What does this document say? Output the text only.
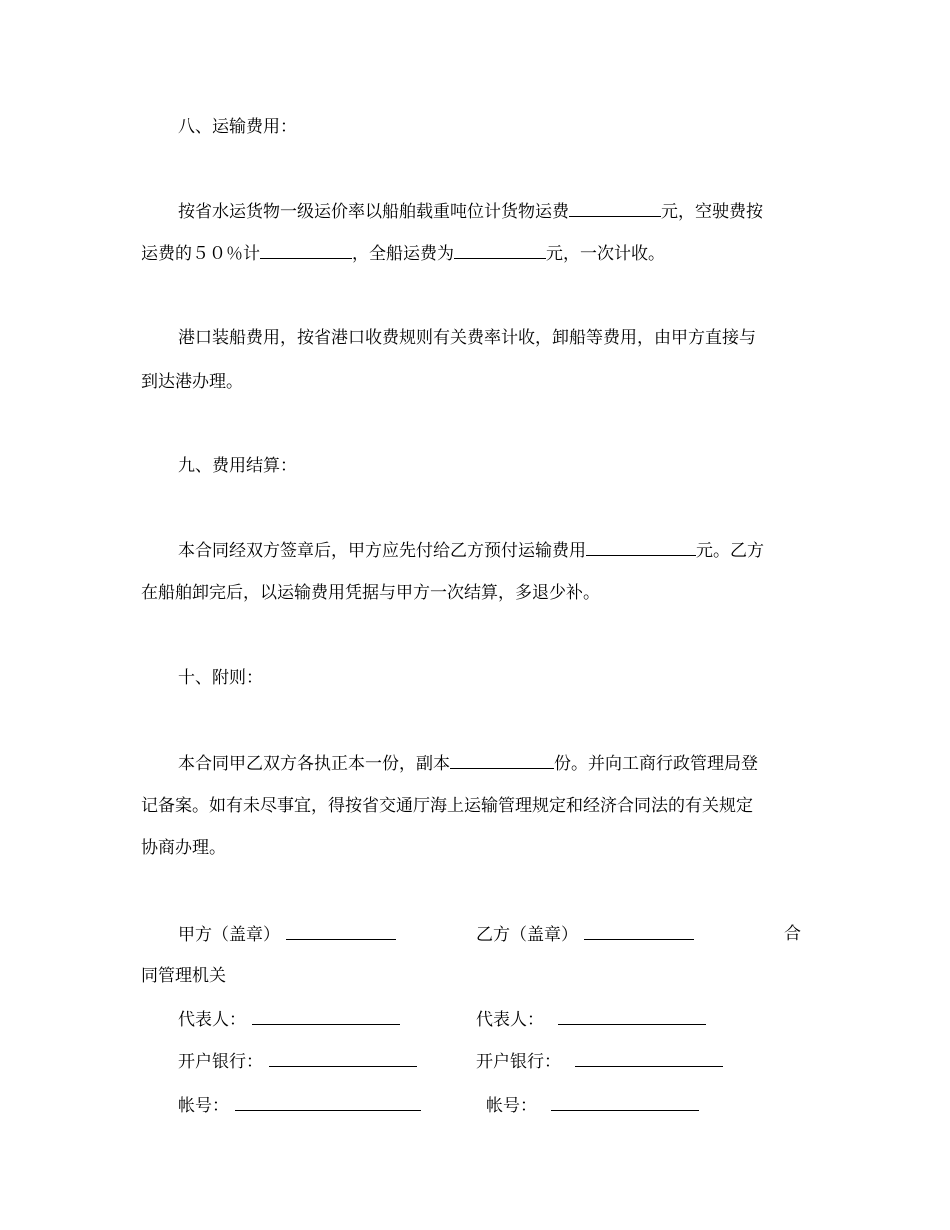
八、运输费用：
按省水运货物一级运价率以船舶载重吨位计货物运费	元，空驶费按
运费的５０％计	，全船运费为	元，一次计收。
港口装船费用，按省港口收费规则有关费率计收，卸船等费用，由甲方直接与
到达港办理。
九、费用结算：
本合同经双方签章后，甲方应先付给乙方预付运输费用	元。乙方
在船舶卸完后，以运输费用凭据与甲方一次结算，多退少补。
十、附则：
本合同甲乙双方各执正本一份，副本	份。并向工商行政管理局登
记备案。如有未尽事宜，得按省交通厅海上运输管理规定和经济合同法的有关规定
协商办理。
甲方（盖章）	乙方（盖章）	合
同管理机关
代表人：	代表人：
开户银行：	开户银行：
帐号：	帐号：
